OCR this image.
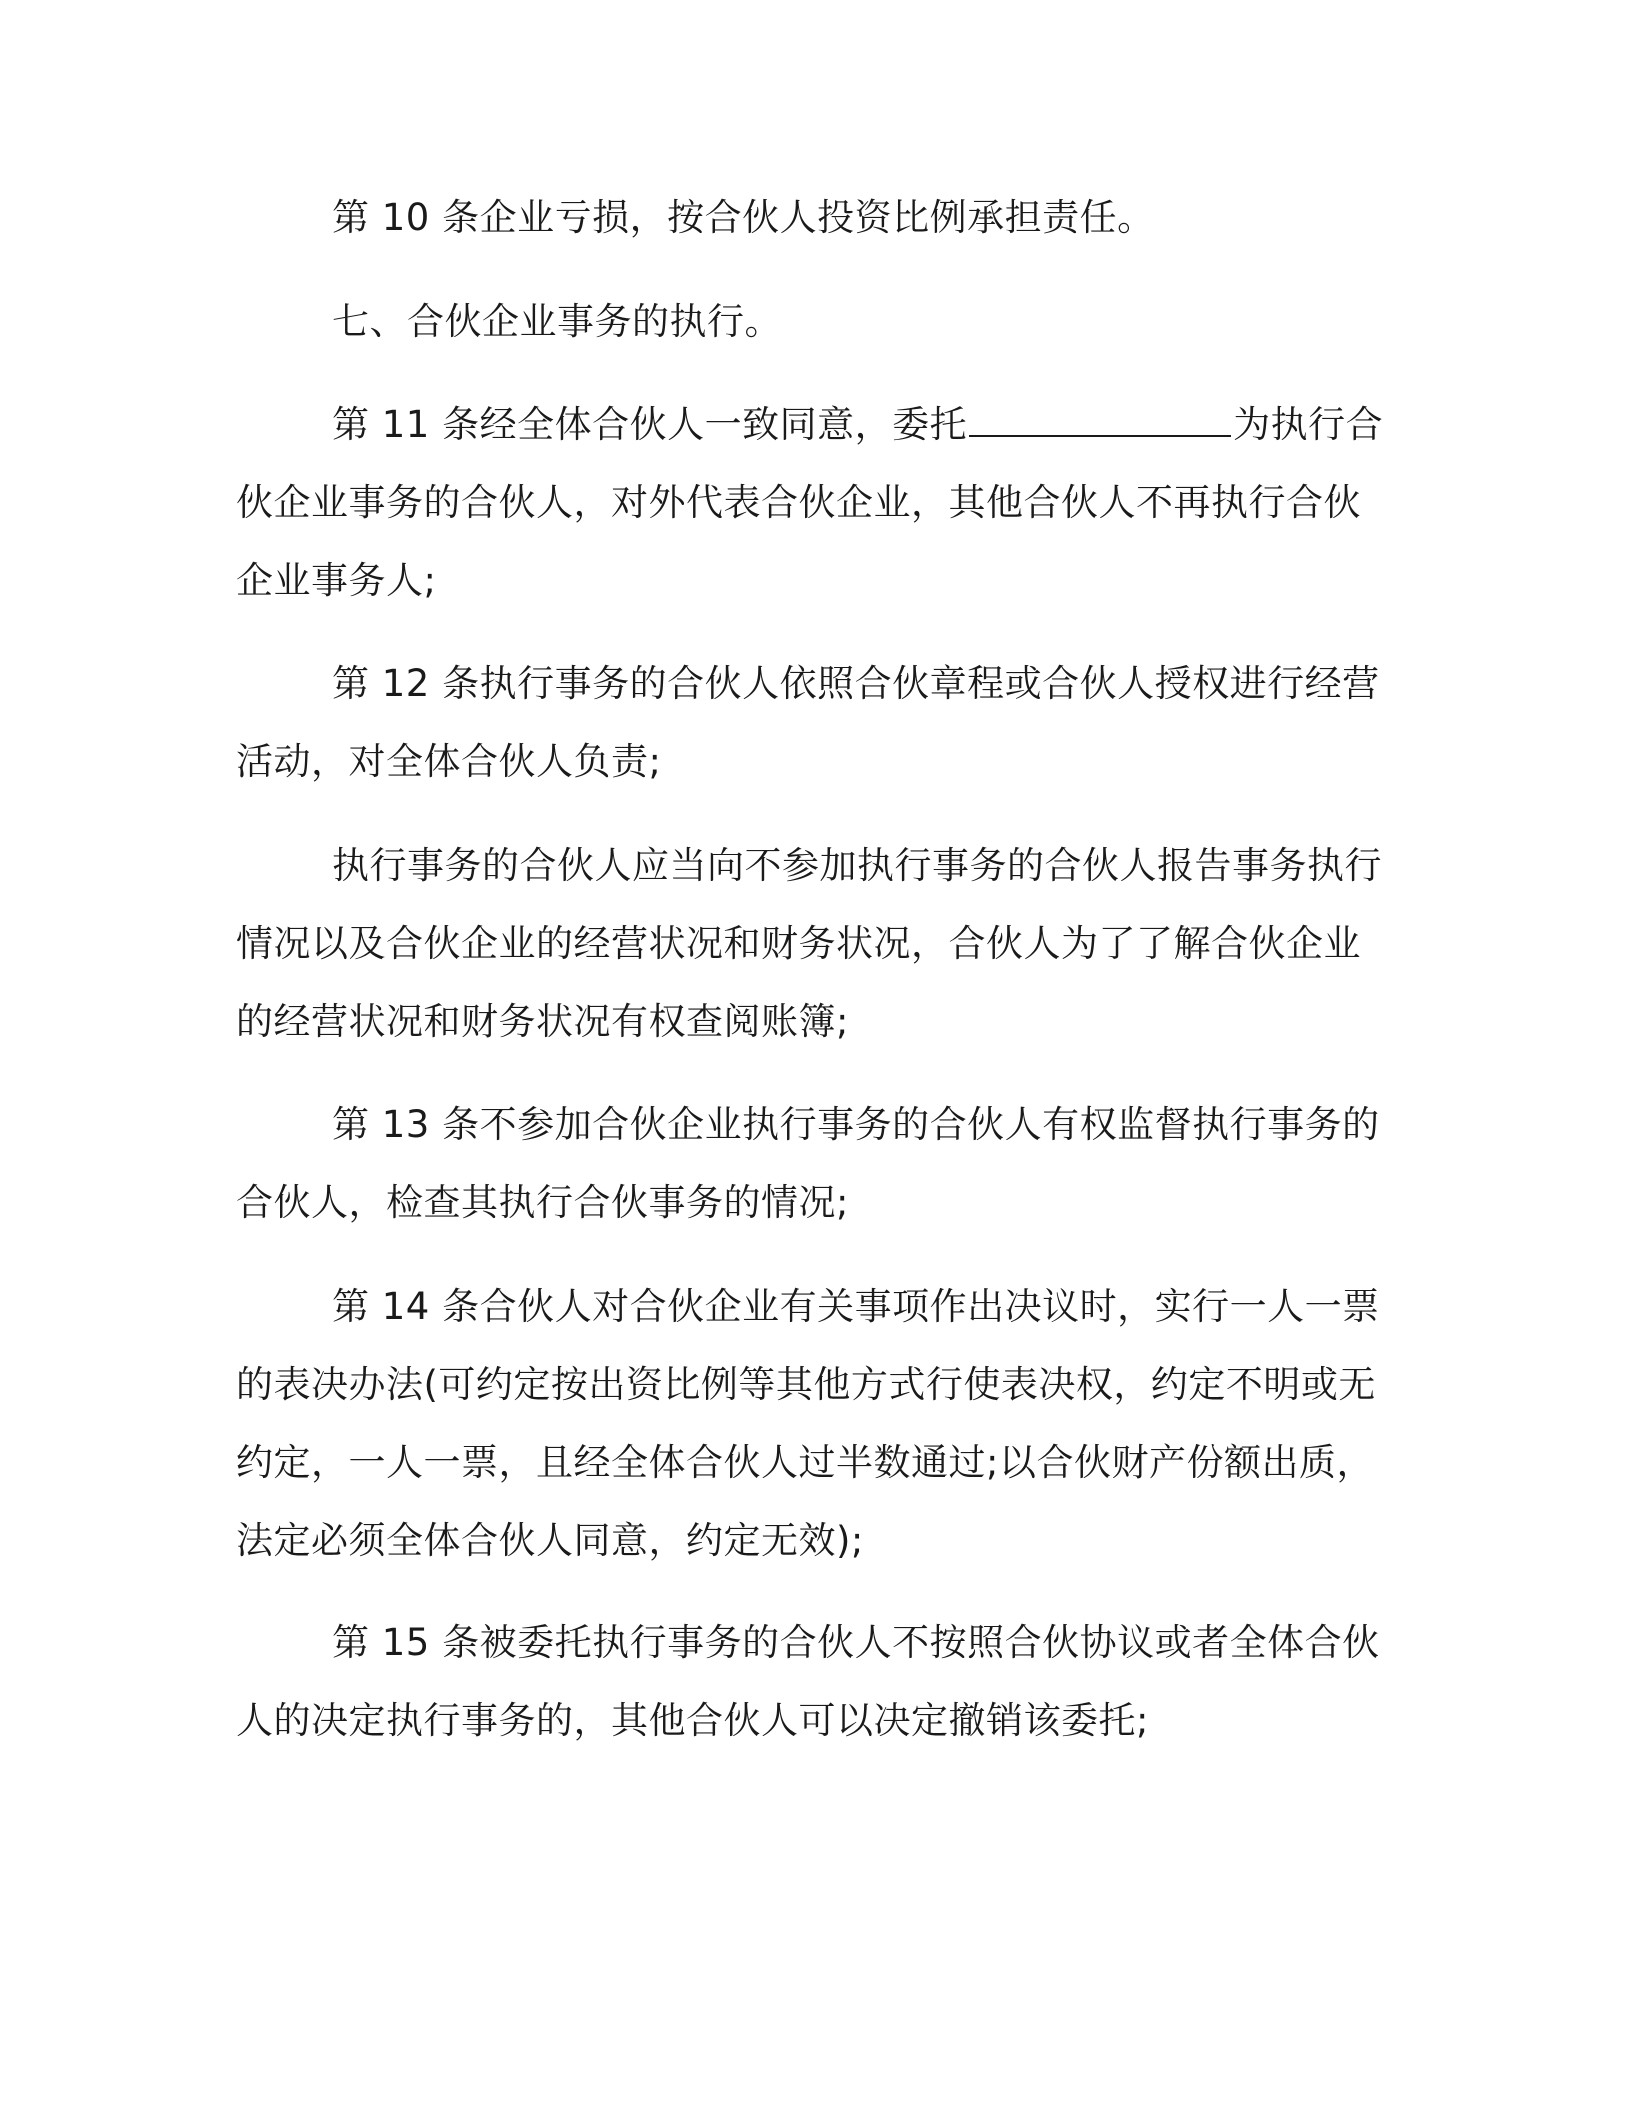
第 10 条企业亏损，按合伙人投资比例承担责任。

七、合伙企业事务的执行。

第 11 条经全体合伙人一致同意，委托	为执行合伙企业事务的合伙人，对外代表合伙企业，其他合伙人不再执行合伙企业事务人;

第 12 条执行事务的合伙人依照合伙章程或合伙人授权进行经营活动，对全体合伙人负责;

执行事务的合伙人应当向不参加执行事务的合伙人报告事务执行情况以及合伙企业的经营状况和财务状况，合伙人为了了解合伙企业的经营状况和财务状况有权查阅账簿;

第 13 条不参加合伙企业执行事务的合伙人有权监督执行事务的合伙人，检查其执行合伙事务的情况;

第 14 条合伙人对合伙企业有关事项作出决议时，实行一人一票的表决办法(可约定按出资比例等其他方式行使表决权，约定不明或无约定，一人一票，且经全体合伙人过半数通过;以合伙财产份额出质，法定必须全体合伙人同意，约定无效);

第 15 条被委托执行事务的合伙人不按照合伙协议或者全体合伙人的决定执行事务的，其他合伙人可以决定撤销该委托;
